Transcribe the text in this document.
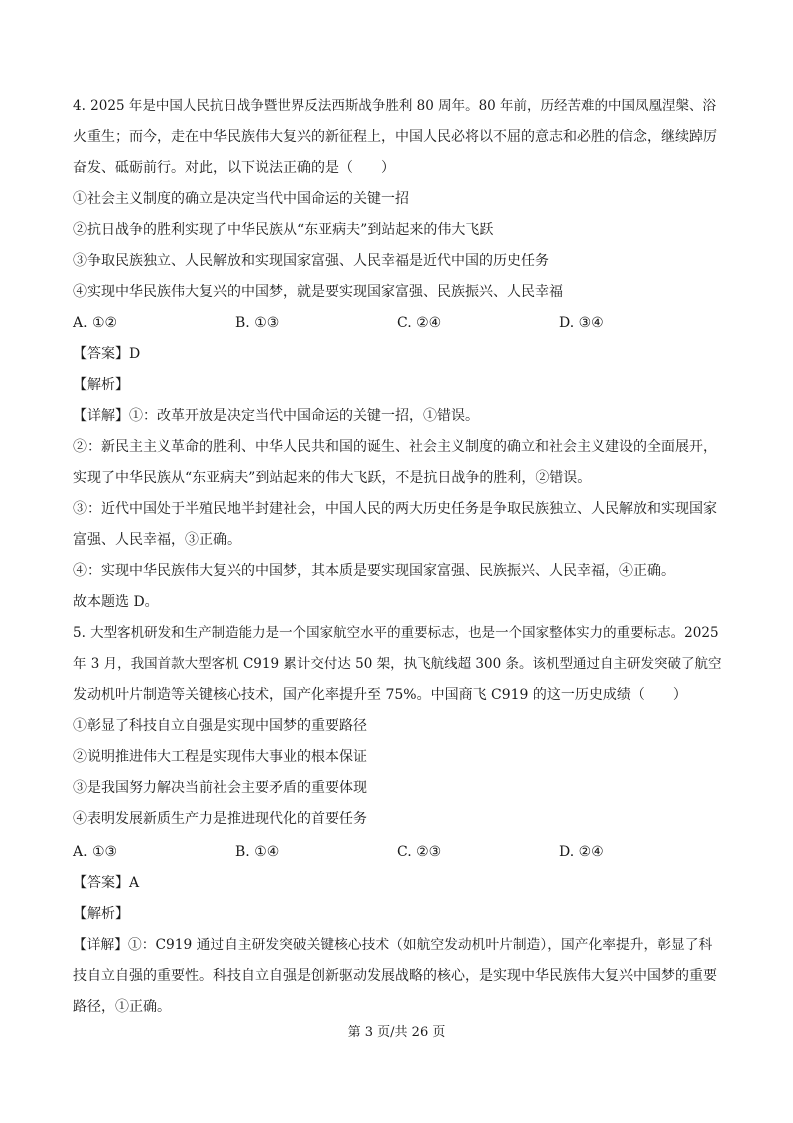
4. 2025 年是中国人民抗日战争暨世界反法西斯战争胜利 80 周年。80 年前，历经苦难的中国凤凰涅槃、浴
火重生；而今，走在中华民族伟大复兴的新征程上，中国人民必将以不屈的意志和必胜的信念，继续踔厉
奋发、砥砺前行。对此，以下说法正确的是（　　）
①社会主义制度的确立是决定当代中国命运的关键一招
②抗日战争的胜利实现了中华民族从“东亚病夫”到站起来的伟大飞跃
③争取民族独立、人民解放和实现国家富强、人民幸福是近代中国的历史任务
④实现中华民族伟大复兴的中国梦，就是要实现国家富强、民族振兴、人民幸福
A. ①②	B. ①③	C. ②④	D. ③④
【答案】D
【解析】
【详解】①：改革开放是决定当代中国命运的关键一招，①错误。
②：新民主主义革命的胜利、中华人民共和国的诞生、社会主义制度的确立和社会主义建设的全面展开，
实现了中华民族从“东亚病夫”到站起来的伟大飞跃，不是抗日战争的胜利，②错误。
③：近代中国处于半殖民地半封建社会，中国人民的两大历史任务是争取民族独立、人民解放和实现国家
富强、人民幸福，③正确。
④：实现中华民族伟大复兴的中国梦，其本质是要实现国家富强、民族振兴、人民幸福，④正确。
故本题选 D。
5. 大型客机研发和生产制造能力是一个国家航空水平的重要标志，也是一个国家整体实力的重要标志。2025
年 3 月，我国首款大型客机 C919 累计交付达 50 架，执飞航线超 300 条。该机型通过自主研发突破了航空
发动机叶片制造等关键核心技术，国产化率提升至 75%。中国商飞 C919 的这一历史成绩（　　）
①彰显了科技自立自强是实现中国梦的重要路径
②说明推进伟大工程是实现伟大事业的根本保证
③是我国努力解决当前社会主要矛盾的重要体现
④表明发展新质生产力是推进现代化的首要任务
A. ①③	B. ①④	C. ②③	D. ②④
【答案】A
【解析】
【详解】①：C919 通过自主研发突破关键核心技术（如航空发动机叶片制造），国产化率提升，彰显了科
技自立自强的重要性。科技自立自强是创新驱动发展战略的核心，是实现中华民族伟大复兴中国梦的重要
路径，①正确。
第 3 页/共 26 页
